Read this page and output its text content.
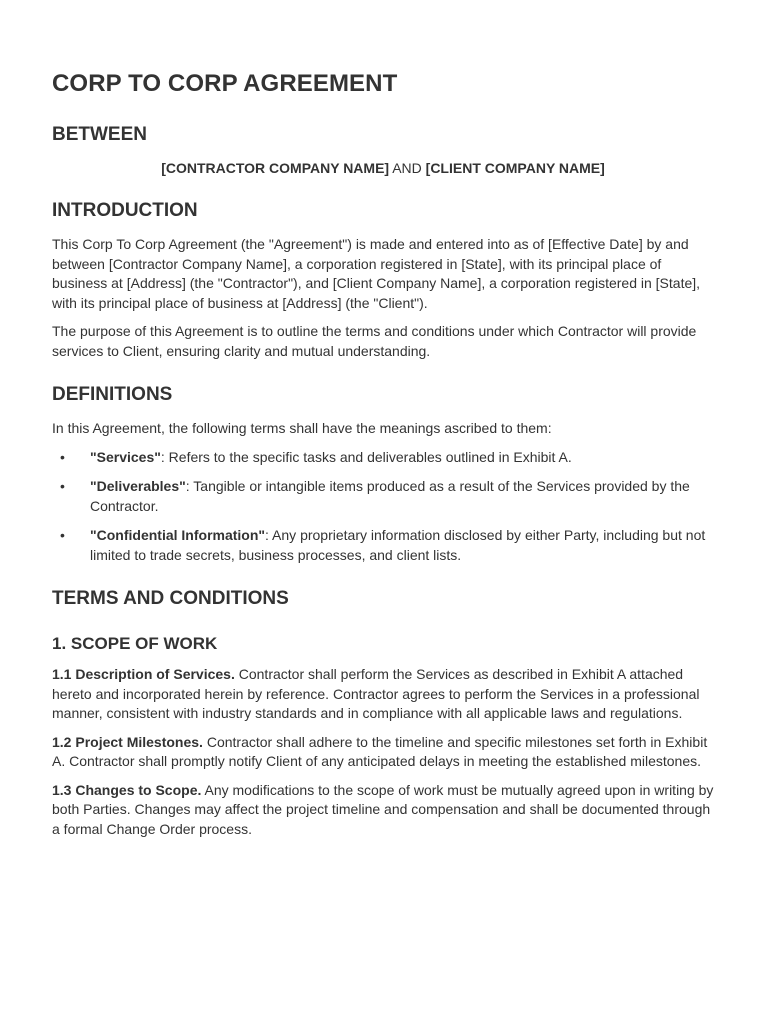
CORP TO CORP AGREEMENT
BETWEEN

[CONTRACTOR COMPANY NAME] AND [CLIENT COMPANY NAME]

INTRODUCTION

This Corp To Corp Agreement (the "Agreement") is made and entered into as of [Effective Date] by and between [Contractor Company Name], a corporation registered in [State], with its principal place of business at [Address] (the "Contractor"), and [Client Company Name], a corporation registered in [State], with its principal place of business at [Address] (the "Client").

The purpose of this Agreement is to outline the terms and conditions under which Contractor will provide services to Client, ensuring clarity and mutual understanding.

DEFINITIONS

In this Agreement, the following terms shall have the meanings ascribed to them:

• "Services": Refers to the specific tasks and deliverables outlined in Exhibit A.
• "Deliverables": Tangible or intangible items produced as a result of the Services provided by the Contractor.
• "Confidential Information": Any proprietary information disclosed by either Party, including but not limited to trade secrets, business processes, and client lists.
TERMS AND CONDITIONS
1. SCOPE OF WORK

1.1 Description of Services. Contractor shall perform the Services as described in Exhibit A attached hereto and incorporated herein by reference. Contractor agrees to perform the Services in a professional manner, consistent with industry standards and in compliance with all applicable laws and regulations.

1.2 Project Milestones. Contractor shall adhere to the timeline and specific milestones set forth in Exhibit A. Contractor shall promptly notify Client of any anticipated delays in meeting the established milestones.

1.3 Changes to Scope. Any modifications to the scope of work must be mutually agreed upon in writing by both Parties. Changes may affect the project timeline and compensation and shall be documented through a formal Change Order process.
